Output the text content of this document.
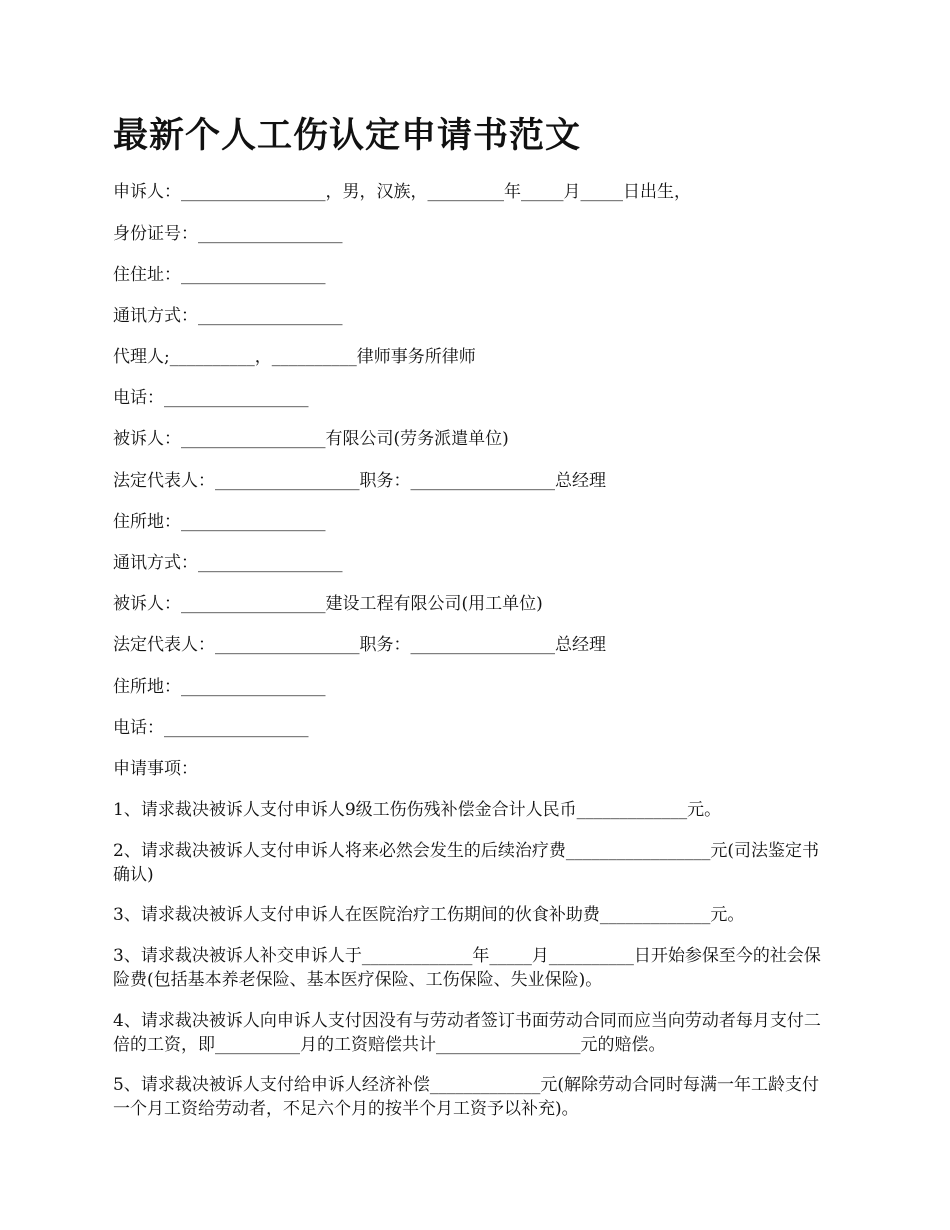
最新个人工伤认定申请书范文

申诉人：_________________，男，汉族，_________年_____月_____日出生，

身份证号：_________________

住住址：_________________

通讯方式：_________________

代理人;__________，__________律师事务所律师

电话：_________________

被诉人：_________________有限公司(劳务派遣单位)

法定代表人：_________________职务：_________________总经理

住所地：_________________

通讯方式：_________________

被诉人：_________________建设工程有限公司(用工单位)

法定代表人：_________________职务：_________________总经理

住所地：_________________

电话：_________________

申请事项：

1、请求裁决被诉人支付申诉人9级工伤伤残补偿金合计人民币_____________元。

2、请求裁决被诉人支付申诉人将来必然会发生的后续治疗费_________________元(司法鉴定书确认)

3、请求裁决被诉人支付申诉人在医院治疗工伤期间的伙食补助费_____________元。

3、请求裁决被诉人补交申诉人于_____________年_____月__________日开始参保至今的社会保险费(包括基本养老保险、基本医疗保险、工伤保险、失业保险)。

4、请求裁决被诉人向申诉人支付因没有与劳动者签订书面劳动合同而应当向劳动者每月支付二倍的工资，即__________月的工资赔偿共计_________________元的赔偿。

5、请求裁决被诉人支付给申诉人经济补偿_____________元(解除劳动合同时每满一年工龄支付一个月工资给劳动者，不足六个月的按半个月工资予以补充)。
